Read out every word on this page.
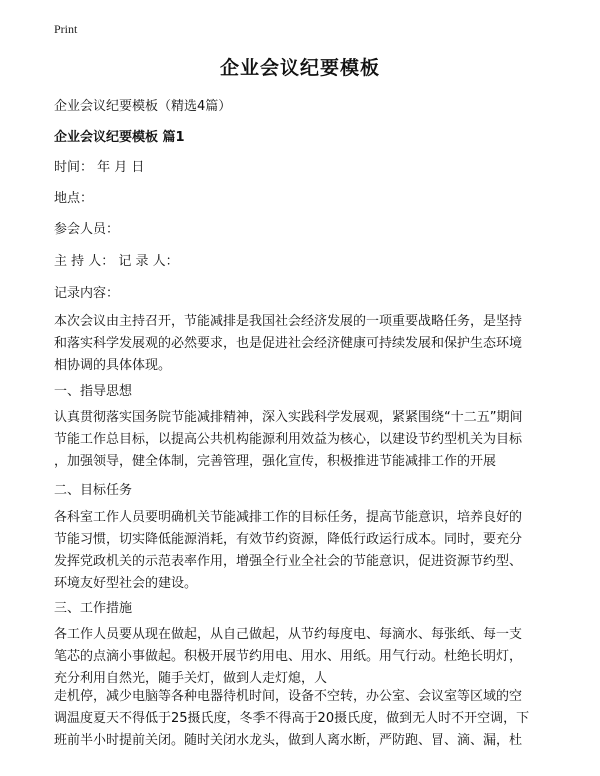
Print
企业会议纪要模板
企业会议纪要模板（精选4篇）
企业会议纪要模板 篇1
时间： 年 月 日
地点：
参会人员：
主 持 人： 记 录 人：
记录内容：
本次会议由主持召开，节能减排是我国社会经济发展的一项重要战略任务，是坚持
和落实科学发展观的必然要求，也是促进社会经济健康可持续发展和保护生态环境
相协调的具体体现。
一、指导思想
认真贯彻落实国务院节能减排精神，深入实践科学发展观，紧紧围绕“十二五”期间
节能工作总目标，以提高公共机构能源利用效益为核心，以建设节约型机关为目标
，加强领导，健全体制，完善管理，强化宣传，积极推进节能减排工作的开展
二、目标任务
各科室工作人员要明确机关节能减排工作的目标任务，提高节能意识，培养良好的
节能习惯，切实降低能源消耗，有效节约资源，降低行政运行成本。同时，要充分
发挥党政机关的示范表率作用，增强全行业全社会的节能意识，促进资源节约型、
环境友好型社会的建设。
三、工作措施
各工作人员要从现在做起，从自己做起，从节约每度电、每滴水、每张纸、每一支
笔芯的点滴小事做起。积极开展节约用电、用水、用纸。用气行动。杜绝长明灯，
充分利用自然光，随手关灯，做到人走灯熄，人
走机停，减少电脑等各种电器待机时间，设备不空转，办公室、会议室等区域的空
调温度夏天不得低于25摄氏度，冬季不得高于20摄氏度，做到无人时不开空调，下
班前半小时提前关闭。随时关闭水龙头，做到人离水断，严防跑、冒、滴、漏，杜
